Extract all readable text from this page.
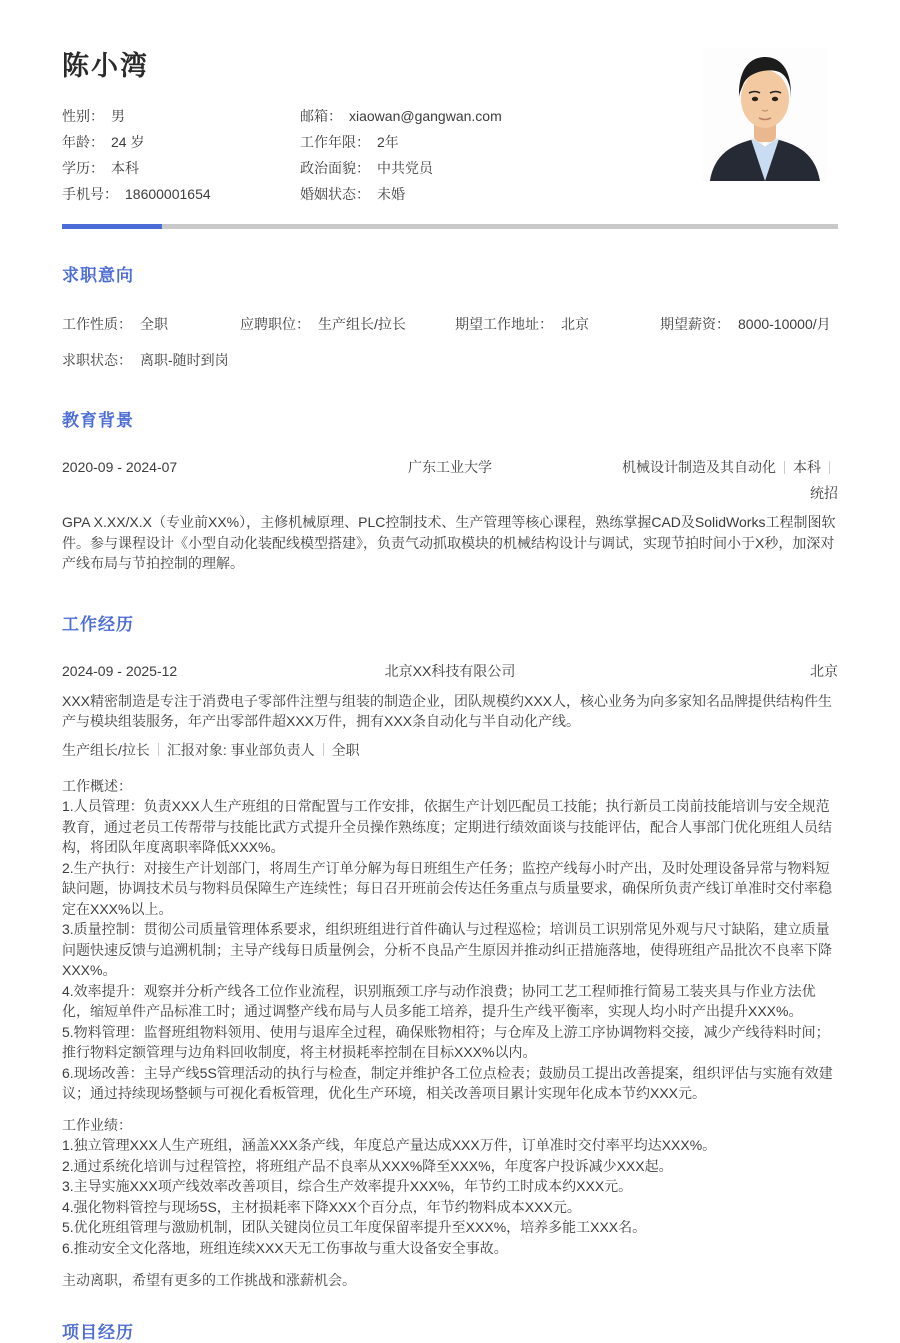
陈小湾
性别： 男
年龄： 24 岁
学历： 本科
手机号： 18600001654
邮箱： xiaowan@gangwan.com
工作年限： 2年
政治面貌： 中共党员
婚姻状态： 未婚
求职意向
工作性质： 全职	应聘职位： 生产组长/拉长	期望工作地址： 北京	期望薪资： 8000-10000/月
求职状态： 离职-随时到岗
教育背景
2020-09 - 2024-07	广东工业大学	机械设计制造及其自动化 本科统招
GPA X.XX/X.X（专业前XX%），主修机械原理、PLC控制技术、生产管理等核心课程，熟练掌握CAD及SolidWorks工程制图软件。参与课程设计《小型自动化装配线模型搭建》，负责气动抓取模块的机械结构设计与调试，实现节拍时间小于X秒，加深对产线布局与节拍控制的理解。
工作经历
2024-09 - 2025-12	北京XX科技有限公司	北京
XXX精密制造是专注于消费电子零部件注塑与组装的制造企业，团队规模约XXX人，核心业务为向多家知名品牌提供结构件生产与模块组装服务，年产出零部件超XXX万件，拥有XXX条自动化与半自动化产线。
生产组长/拉长 汇报对象: 事业部负责人 全职
工作概述：
1.人员管理：负责XXX人生产班组的日常配置与工作安排，依据生产计划匹配员工技能；执行新员工岗前技能培训与安全规范教育，通过老员工传帮带与技能比武方式提升全员操作熟练度；定期进行绩效面谈与技能评估，配合人事部门优化班组人员结构，将团队年度离职率降低XXX%。
2.生产执行：对接生产计划部门，将周生产订单分解为每日班组生产任务；监控产线每小时产出，及时处理设备异常与物料短缺问题，协调技术员与物料员保障生产连续性；每日召开班前会传达任务重点与质量要求，确保所负责产线订单准时交付率稳定在XXX%以上。
3.质量控制：贯彻公司质量管理体系要求，组织班组进行首件确认与过程巡检；培训员工识别常见外观与尺寸缺陷，建立质量问题快速反馈与追溯机制；主导产线每日质量例会，分析不良品产生原因并推动纠正措施落地，使得班组产品批次不良率下降XXX%。
4.效率提升：观察并分析产线各工位作业流程，识别瓶颈工序与动作浪费；协同工艺工程师推行简易工装夹具与作业方法优化，缩短单件产品标准工时；通过调整产线布局与人员多能工培养，提升生产线平衡率，实现人均小时产出提升XXX%。
5.物料管理：监督班组物料领用、使用与退库全过程，确保账物相符；与仓库及上游工序协调物料交接，减少产线待料时间；推行物料定额管理与边角料回收制度，将主材损耗率控制在目标XXX%以内。
6.现场改善：主导产线5S管理活动的执行与检查，制定并维护各工位点检表；鼓励员工提出改善提案，组织评估与实施有效建议；通过持续现场整顿与可视化看板管理，优化生产环境，相关改善项目累计实现年化成本节约XXX元。
工作业绩：
1.独立管理XXX人生产班组，涵盖XXX条产线，年度总产量达成XXX万件，订单准时交付率平均达XXX%。
2.通过系统化培训与过程管控，将班组产品不良率从XXX%降至XXX%，年度客户投诉减少XXX起。
3.主导实施XXX项产线效率改善项目，综合生产效率提升XXX%，年节约工时成本约XXX元。
4.强化物料管控与现场5S，主材损耗率下降XXX个百分点，年节约物料成本XXX元。
5.优化班组管理与激励机制，团队关键岗位员工年度保留率提升至XXX%，培养多能工XXX名。
6.推动安全文化落地，班组连续XXX天无工伤事故与重大设备安全事故。
主动离职，希望有更多的工作挑战和涨薪机会。
项目经历
